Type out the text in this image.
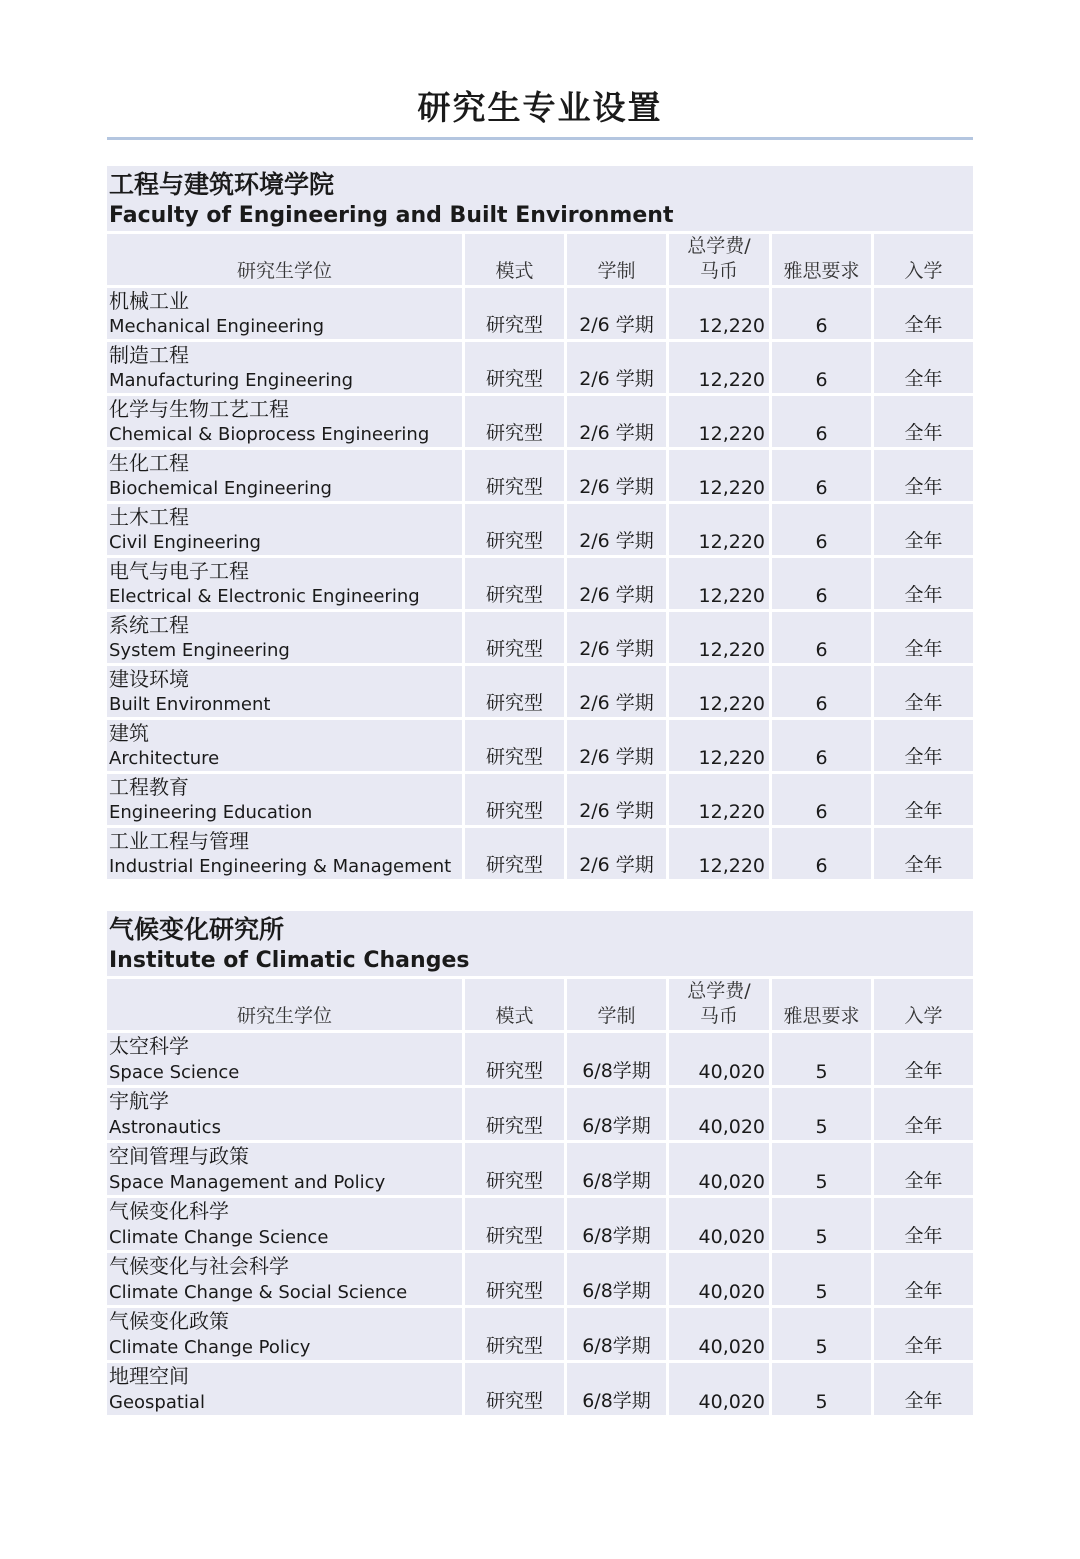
研究生专业设置
工程与建筑环境学院
Faculty of Engineering and Built Environment
研究生学位	模式	学制
总学费/
马币 雅思要求 入学
机械工业
Mechanical Engineering	研究型 2/6 学期 12,220	6	全年
制造工程
Manufacturing Engineering	研究型 2/6 学期 12,220	6	全年
化学与生物工艺工程
Chemical & Bioprocess Engineering	研究型 2/6 学期 12,220	6	全年
生化工程
Biochemical Engineering	研究型 2/6 学期 12,220	6	全年
土木工程
Civil Engineering	研究型 2/6 学期 12,220	6	全年
电气与电子工程
Electrical & Electronic Engineering	研究型 2/6 学期 12,220	6	全年
系统工程
System Engineering	研究型 2/6 学期 12,220	6	全年
建设环境
Built Environment	研究型 2/6 学期 12,220	6	全年
建筑
Architecture	研究型 2/6 学期 12,220	6	全年
工程教育
Engineering Education	研究型 2/6 学期 12,220	6	全年
工业工程与管理
Industrial Engineering & Management 研究型 2/6 学期 12,220	6	全年
气候变化研究所
Institute of Climatic Changes
研究生学位	模式	学制
总学费/
马币 雅思要求 入学
太空科学
Space Science	研究型 6/8学期	40,020	5	全年
宇航学
Astronautics	研究型 6/8学期	40,020	5	全年
空间管理与政策
Space Management and Policy	研究型 6/8学期	40,020	5	全年
气候变化科学
Climate Change Science	研究型 6/8学期	40,020	5	全年
气候变化与社会科学
Climate Change & Social Science	研究型 6/8学期	40,020	5	全年
气候变化政策
Climate Change Policy	研究型 6/8学期	40,020	5	全年
地理空间
Geospatial	研究型 6/8学期	40,020	5	全年
